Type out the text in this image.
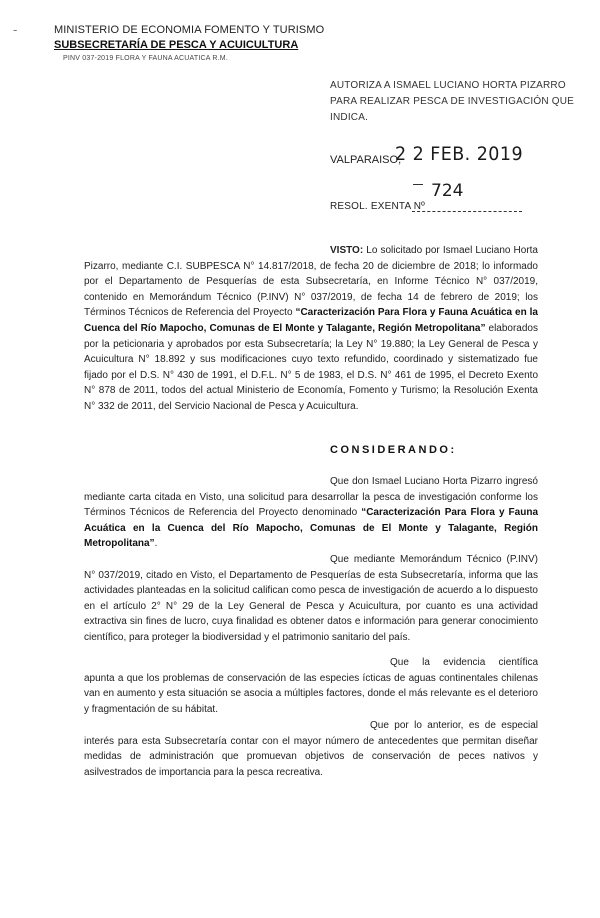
-	MINISTERIO DE ECONOMIA FOMENTO Y TURISMO
SUBSECRETARÍA DE PESCA Y ACUICULTURA
PINV 037-2019 FLORA Y FAUNA ACUATICA R.M.
AUTORIZA A ISMAEL LUCIANO HORTA PIZARRO PARA REALIZAR PESCA DE INVESTIGACIÓN QUE INDICA.
VALPARAISO,
2 2 FEB. 2019
724
RESOL. EXENTA Nº
VISTO: Lo solicitado por Ismael Luciano Horta Pizarro, mediante C.I. SUBPESCA N° 14.817/2018, de fecha 20 de diciembre de 2018; lo informado por el Departamento de Pesquerías de esta Subsecretaría, en Informe Técnico N° 037/2019, contenido en Memorándum Técnico (P.INV) N° 037/2019, de fecha 14 de febrero de 2019; los Términos Técnicos de Referencia del Proyecto “Caracterización Para Flora y Fauna Acuática en la Cuenca del Río Mapocho, Comunas de El Monte y Talagante, Región Metropolitana” elaborados por la peticionaria y aprobados por esta Subsecretaría; la Ley N° 19.880; la Ley General de Pesca y Acuicultura N° 18.892 y sus modificaciones cuyo texto refundido, coordinado y sistematizado fue fijado por el D.S. N° 430 de 1991, el D.F.L. N° 5 de 1983, el D.S. N° 461 de 1995, el Decreto Exento N° 878 de 2011, todos del actual Ministerio de Economía, Fomento y Turismo; la Resolución Exenta N° 332 de 2011, del Servicio Nacional de Pesca y Acuicultura.
CONSIDERANDO:
Que don Ismael Luciano Horta Pizarro ingresó mediante carta citada en Visto, una solicitud para desarrollar la pesca de investigación conforme los Términos Técnicos de Referencia del Proyecto denominado “Caracterización Para Flora y Fauna Acuática en la Cuenca del Río Mapocho, Comunas de El Monte y Talagante, Región Metropolitana”.
Que mediante Memorándum Técnico (P.INV) N° 037/2019, citado en Visto, el Departamento de Pesquerías de esta Subsecretaría, informa que las actividades planteadas en la solicitud califican como pesca de investigación de acuerdo a lo dispuesto en el artículo 2° N° 29 de la Ley General de Pesca y Acuicultura, por cuanto es una actividad extractiva sin fines de lucro, cuya finalidad es obtener datos e información para generar conocimiento científico, para proteger la biodiversidad y el patrimonio sanitario del país.
Que la evidencia científica apunta a que los problemas de conservación de las especies ícticas de aguas continentales chilenas van en aumento y esta situación se asocia a múltiples factores, donde el más relevante es el deterioro y fragmentación de su hábitat.
Que por lo anterior, es de especial interés para esta Subsecretaría contar con el mayor número de antecedentes que permitan diseñar medidas de administración que promuevan objetivos de conservación de peces nativos y asilvestrados de importancia para la pesca recreativa.
